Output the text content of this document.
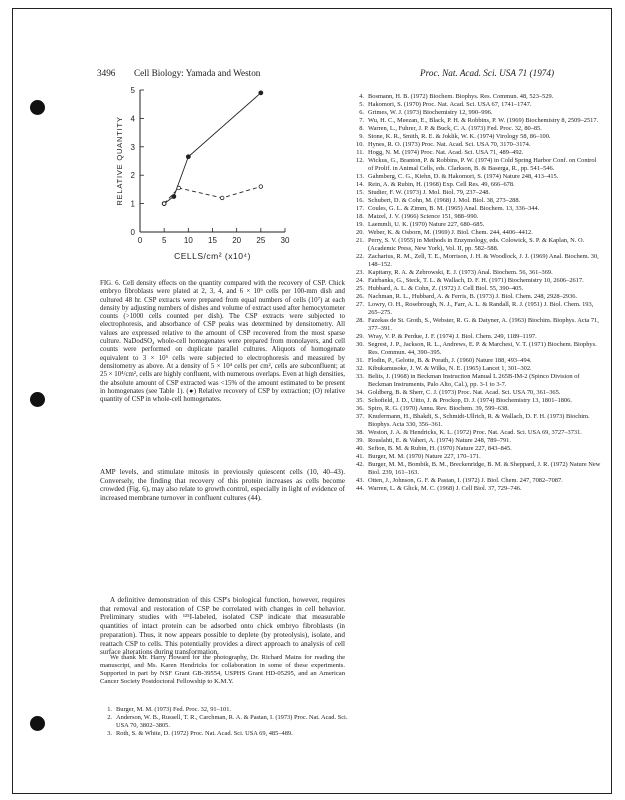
3496 Cell Biology: Yamada and Weston	Proc. Nat. Acad. Sci. USA 71 (1974)
0 5 10 15 20 25 30
0
1
2
3
4
5
CELLS/cm² (x10⁴)
RELATIVE QUANTITY
FIG. 6. Cell density effects on the quantity compared with the recovery of CSP. Chick embryo fibroblasts were plated at 2, 3, 4, and 6 × 10⁶ cells per 100-mm dish and cultured 48 hr. CSP extracts were prepared from equal numbers of cells (10⁷) at each density by adjusting numbers of dishes and volume of extract used after hemocytometer counts (>1000 cells counted per dish). The CSP extracts were subjected to electrophoresis, and absorbance of CSP peaks was determined by densitometry. All values are expressed relative to the amount of CSP recovered from the most sparse culture. NaDodSO₄ whole-cell homogenates were prepared from monolayers, and cell counts were performed on duplicate parallel cultures. Aliquots of homogenate equivalent to 3 × 10⁵ cells were subjected to electrophoresis and measured by densitometry as above. At a density of 5 × 10⁴ cells per cm², cells are subconfluent; at 25 × 10⁴/cm², cells are highly confluent, with numerous overlaps. Even at high densities, the absolute amount of CSP extracted was <15% of the amount estimated to be present in homogenates (see Table 1). (●) Relative recovery of CSP by extraction; (O) relative quantity of CSP in whole-cell homogenates.
AMP levels, and stimulate mitosis in previously quiescent cells (10, 40–43). Conversely, the finding that recovery of this protein increases as cells become crowded (Fig. 6), may also relate to growth control, especially in light of evidence of increased membrane turnover in confluent cultures (44).
A definitive demonstration of this CSP's biological function, however, requires that removal and restoration of CSP be correlated with changes in cell behavior. Preliminary studies with ¹²⁵I-labeled, isolated CSP indicate that measurable quantities of intact protein can be adsorbed onto chick embryo fibroblasts (in preparation). Thus, it now appears possible to deplete (by proteolysis), isolate, and reattach CSP to cells. This potentially provides a direct approach to analysis of cell surface alterations during transformation.
We thank Mr. Harry Howard for the photography, Dr. Richard Mains for reading the manuscript, and Ms. Karen Hendricks for collaboration in some of these experiments. Supported in part by NSF Grant GB-39554, USPHS Grant HD-05295, and an American Cancer Society Postdoctoral Fellowship to K.M.Y.
1. Burger, M. M. (1973) Fed. Proc. 32, 91–101.
2. Anderson, W. B., Russell, T. R., Carchman, R. A. & Pastan, I. (1973) Proc. Nat. Acad. Sci. USA 70, 3802–3805.
3. Roth, S. & White, D. (1972) Proc. Nat. Acad. Sci. USA 69, 485–489.
4. Bosmann, H. B. (1972) Biochem. Biophys. Res. Commun. 48, 523–529.
5. Hakomori, S. (1970) Proc. Nat. Acad. Sci. USA 67, 1741–1747.
6. Grimes, W. J. (1973) Biochemistry 12, 990–996.
7. Wu, H. C., Meezan, E., Black, P. H. & Robbins, P. W. (1969) Biochemistry 8, 2509–2517.
8. Warren, L., Fuhrer, J. P. & Buck, C. A. (1973) Fed. Proc. 32, 80–85.
9. Stone, K. R., Smith, R. E. & Joklik, W. K. (1974) Virology 58, 86–100.
10. Hynes, R. O. (1973) Proc. Nat. Acad. Sci. USA 70, 3170–3174.
11. Hogg, N. M. (1974) Proc. Nat. Acad. Sci. USA 71, 489–492.
12. Wickus, G., Branton, P. & Robbins, P. W. (1974) in Cold Spring Harbor Conf. on Control of Prolif. in Animal Cells, eds. Clarkson, B. & Baserga, R., pp. 541–546.
13. Gahmberg, C. G., Kiehn, D. & Hakomori, S. (1974) Nature 248, 413–415.
14. Rein, A. & Rubin, H. (1968) Exp. Cell Res. 49, 666–678.
15. Studier, F. W. (1973) J. Mol. Biol. 79, 237–248.
16. Schubert, D. & Cohn, M. (1968) J. Mol. Biol. 38, 273–288.
17. Coules, G. L. & Zimm, B. M. (1965) Anal. Biochem. 13, 336–344.
18. Maizel, J. V. (1966) Science 151, 988–990.
19. Laemmli, U. K. (1970) Nature 227, 680–685.
20. Weber, K. & Osborn, M. (1969) J. Biol. Chem. 244, 4406–4412.
21. Perry, S. V. (1955) in Methods in Enzymology, eds. Colowick, S. P. & Kaplan, N. O. (Academic Press, New York), Vol. II, pp. 582–588.
22. Zacharius, R. M., Zell, T. E., Morrison, J. H. & Woodlock, J. J. (1969) Anal. Biochem. 30, 148–152.
23. Kapitany, R. A. & Zebrowski, E. J. (1973) Anal. Biochem. 56, 361–369.
24. Fairbanks, G., Steck, T. L. & Wallach, D. F. H. (1971) Biochemistry 10, 2606–2617.
25. Hubbard, A. L. & Cohn, Z. (1972) J. Cell Biol. 55, 390–405.
26. Nachman, R. L., Hubbard, A. & Ferris, B. (1973) J. Biol. Chem. 248, 2928–2936.
27. Lowry, O. H., Rosebrough, N. J., Farr, A. L. & Randall, R. J. (1951) J. Biol. Chem. 193, 265–275.
28. Fazekas de St. Groth, S., Webster, R. G. & Datyner, A. (1963) Biochim. Biophys. Acta 71, 377–391.
29. Wray, V. P. & Perdue, J. F. (1974) J. Biol. Chem. 249, 1189–1197.
30. Segrest, J. P., Jackson, R. L., Andrews, E. P. & Marchesi, V. T. (1971) Biochem. Biophys. Res. Commun. 44, 390–395.
31. Flodin, P., Gelotte, B. & Porath, J. (1960) Nature 188, 493–494.
32. Kibukamusoke, J. W. & Wilks, N. E. (1965) Lancet 1, 301–302.
33. Beliis, J. (1968) in Beckman Instruction Manual L 265B-IM-2 (Spinco Division of Beckman Instruments, Palo Alto, Cal.), pp. 3-1 to 3-7.
34. Goldberg, B. & Sherr, C. J. (1973) Proc. Nat. Acad. Sci. USA 70, 361–365.
35. Schofield, J. D., Uitto, J. & Prockop, D. J. (1974) Biochemistry 13, 1801–1806.
36. Spiro, R. G. (1970) Annu. Rev. Biochem. 39, 599–638.
37. Knufermann, H., Bhakdi, S., Schmidt-Ullrich, R. & Wallach, D. F. H. (1973) Biochim. Biophys. Acta 330, 356–361.
38. Weston, J. A. & Hendricks, K. L. (1972) Proc. Nat. Acad. Sci. USA 69, 3727–3731.
39. Rouslahti, E. & Vaheri, A. (1974) Nature 248, 789–791.
40. Sefton, B. M. & Rubin, H. (1970) Nature 227, 843–845.
41. Burger, M. M. (1970) Nature 227, 170–171.
42. Burger, M. M., Bombik, B. M., Breckenridge, B. M. & Sheppard, J. R. (1972) Nature New Biol. 239, 161–163.
43. Otten, J., Johnson, G. F. & Pastan, I. (1972) J. Biol. Chem. 247, 7082–7087.
44. Warren, L. & Glick, M. C. (1968) J. Cell Biol. 37, 729–746.
